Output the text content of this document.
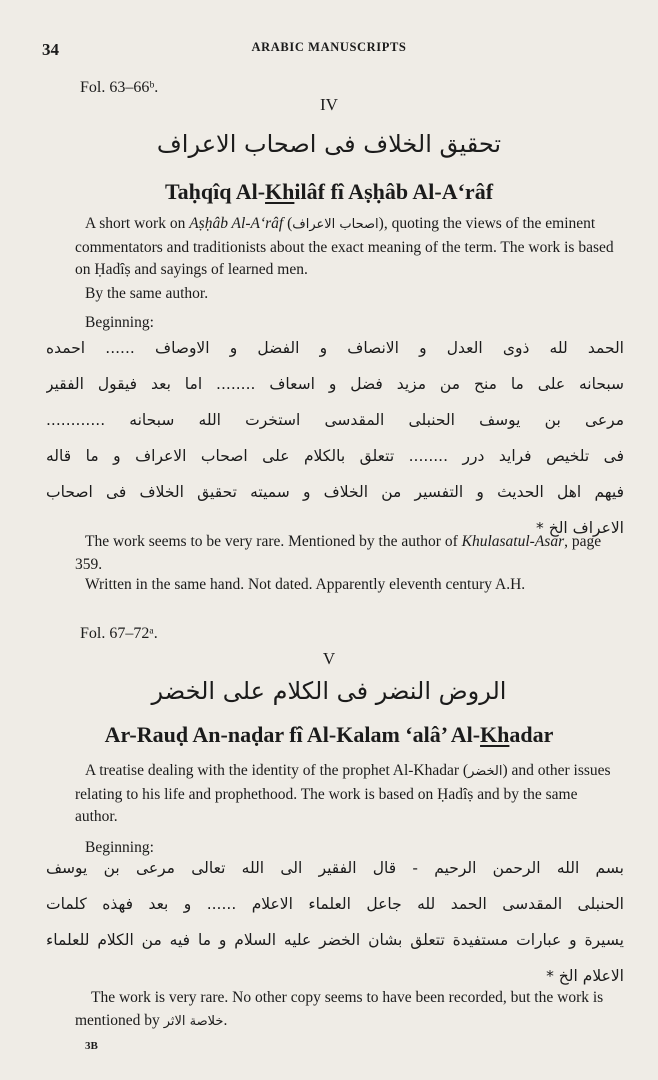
34	ARABIC MANUSCRIPTS
Fol. 63–66ᵇ.
IV
تحقيق الخلاف فى اصحاب الاعراف
Taḥqîq Al-Khilâf fî Aṣḥâb Al-A‘râf
A short work on Aṣḥâb Al-A‘râf (اصحاب الاعراف), quoting the views of the eminent commentators and traditionists about the exact meaning of the term. The work is based on Ḥadîṣ and sayings of learned men.
By the same author.
Beginning:
الحمد لله ذوى العدل و الانصاف و الفضل و الاوصاف ...... احمده
سبحانه على ما منح من مزيد فضل و اسعاف ........ اما بعد فيقول الفقير
مرعى بن يوسف الحنبلى المقدسى استخرت الله سبحانه ............
فى تلخيص فرايد درر ........ تتعلق بالكلام على اصحاب الاعراف و ما قاله
فيهم اهل الحديث و التفسير من الخلاف و سميته تحقيق الخلاف فى اصحاب
الاعراف الخ *
The work seems to be very rare. Mentioned by the author of Khulasatul-Asar, page 359.
Written in the same hand. Not dated. Apparently eleventh century A.H.
Fol. 67–72ᵃ.
V
الروض النضر فى الكلام على الخضر
Ar-Rauḍ An-naḍar fî Al-Kalam ‘alâ’ Al-Khadar
A treatise dealing with the identity of the prophet Al-Khadar (الخضر) and other issues relating to his life and prophethood. The work is based on Ḥadîṣ and by the same author.
Beginning:
بسم الله الرحمن الرحيم - قال الفقير الى الله تعالى مرعى بن يوسف
الحنبلى المقدسى الحمد لله جاعل العلماء الاعلام ...... و بعد فهذه كلمات
يسيرة و عبارات مستفيدة تتعلق بشان الخضر عليه السلام و ما فيه من الكلام للعلماء
الاعلام الخ *
The work is very rare. No other copy seems to have been recorded, but the work is mentioned by خلاصة الاثر.
3B
